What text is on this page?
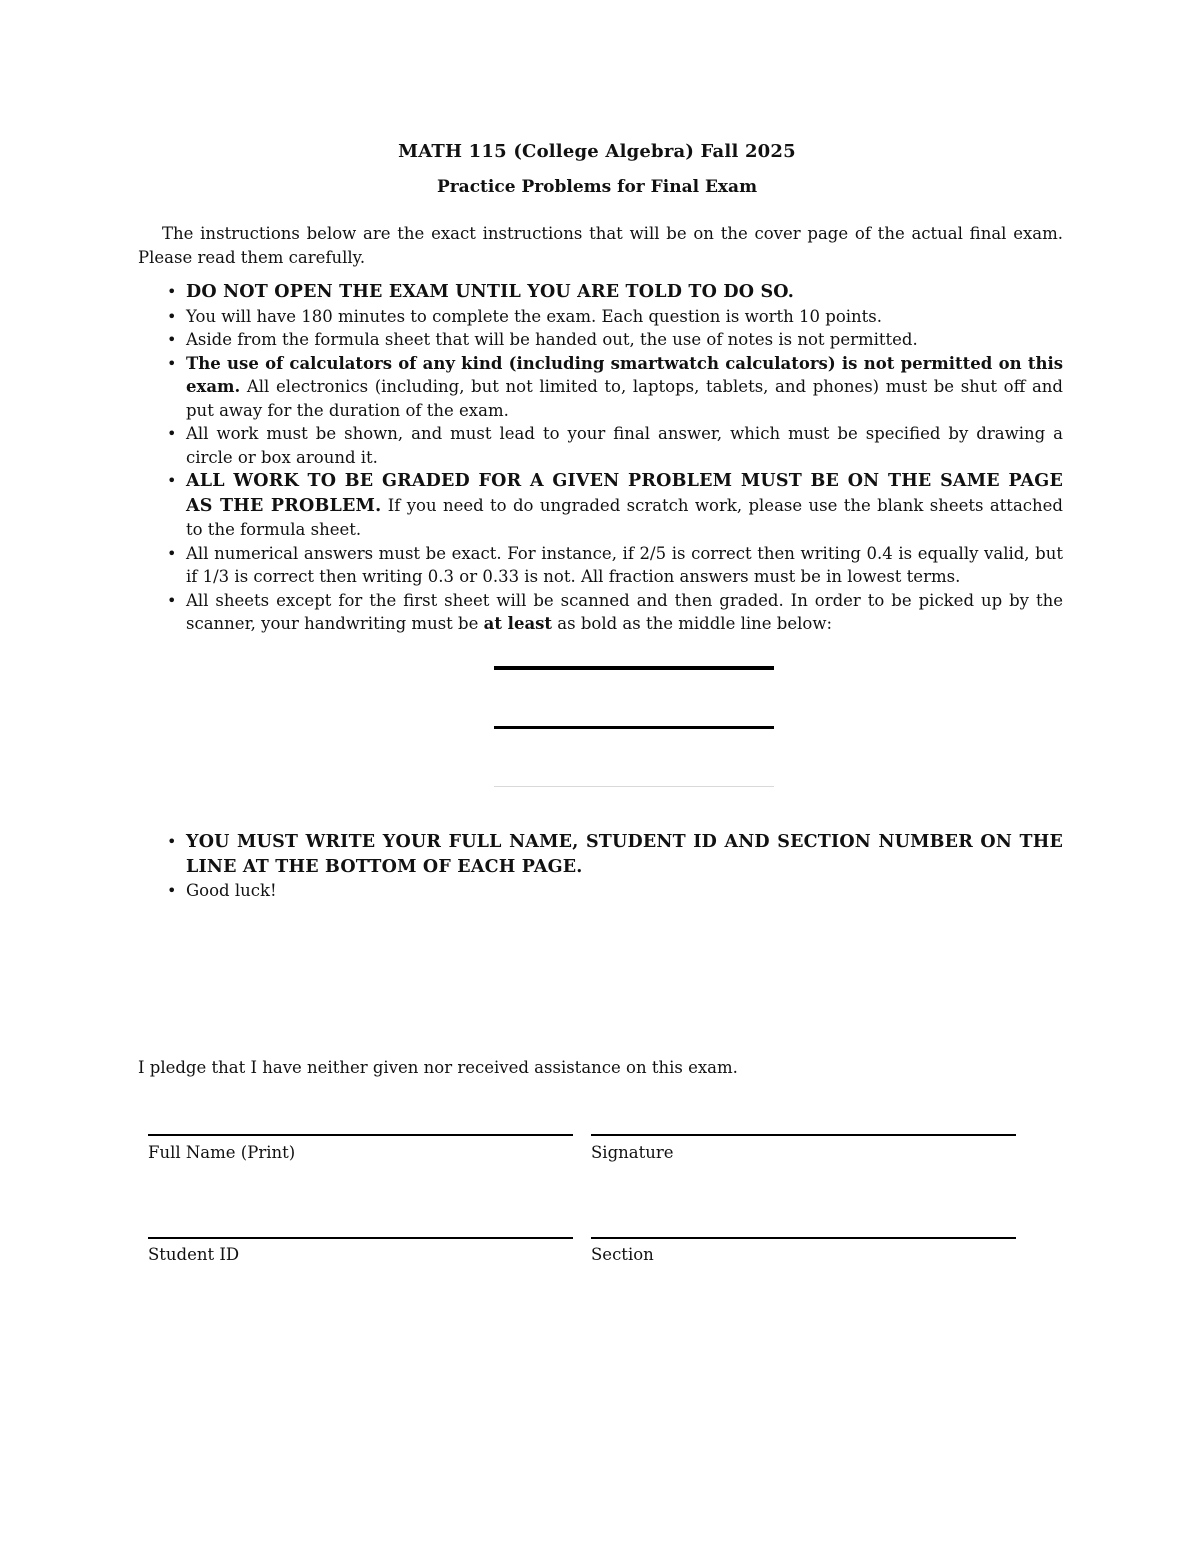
MATH 115 (College Algebra) Fall 2025
Practice Problems for Final Exam
The instructions below are the exact instructions that will be on the cover page of the actual final exam. Please read them carefully.
• DO NOT OPEN THE EXAM UNTIL YOU ARE TOLD TO DO SO.
• You will have 180 minutes to complete the exam. Each question is worth 10 points.
• Aside from the formula sheet that will be handed out, the use of notes is not permitted.
• The use of calculators of any kind (including smartwatch calculators) is not permitted on this exam. All electronics (including, but not limited to, laptops, tablets, and phones) must be shut off and put away for the duration of the exam.
• All work must be shown, and must lead to your final answer, which must be specified by drawing a circle or box around it.
• ALL WORK TO BE GRADED FOR A GIVEN PROBLEM MUST BE ON THE SAME PAGE AS THE PROBLEM. If you need to do ungraded scratch work, please use the blank sheets attached to the formula sheet.
• All numerical answers must be exact. For instance, if 2/5 is correct then writing 0.4 is equally valid, but if 1/3 is correct then writing 0.3 or 0.33 is not. All fraction answers must be in lowest terms.
• All sheets except for the first sheet will be scanned and then graded. In order to be picked up by the scanner, your handwriting must be at least as bold as the middle line below:
• YOU MUST WRITE YOUR FULL NAME, STUDENT ID AND SECTION NUMBER ON THE LINE AT THE BOTTOM OF EACH PAGE.
• Good luck!
I pledge that I have neither given nor received assistance on this exam.
Full Name (Print)	Signature
Student ID	Section
